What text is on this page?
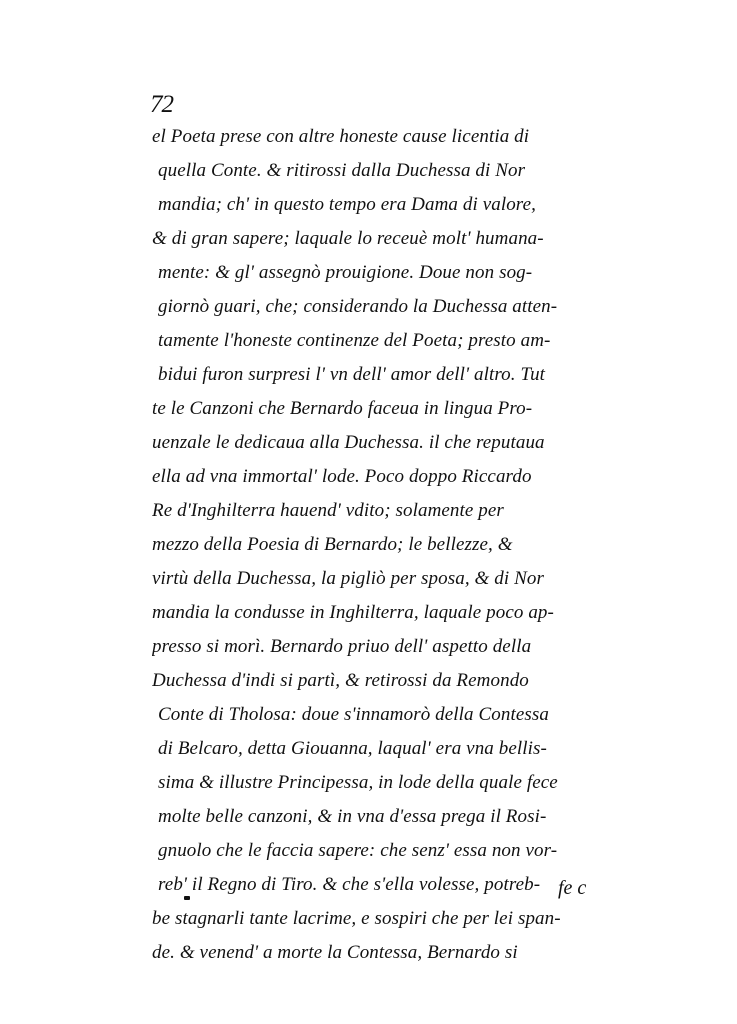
72
el Poeta prese con altre honeste cause licentia di
quella Conte. & ritirossi dalla Duchessa di Nor
mandia; ch' in questo tempo era Dama di valore,
& di gran sapere; laquale lo receuè molt' humana-
mente: & gl' assegnò prouigione. Doue non sog-
giornò guari, che; considerando la Duchessa atten-
tamente l'honeste continenze del Poeta; presto am-
bidui furon surpresi l' vn dell' amor dell' altro. Tut
te le Canzoni che Bernardo faceua in lingua Pro-
uenzale le dedicaua alla Duchessa. il che reputaua
ella ad vna immortal' lode. Poco doppo Riccardo
Re d'Inghilterra hauend' vdito; solamente per
mezzo della Poesia di Bernardo; le bellezze, &
virtù della Duchessa, la pigliò per sposa, & di Nor
mandia la condusse in Inghilterra, laquale poco ap-
presso si morì. Bernardo priuo dell' aspetto della
Duchessa d'indi si partì, & retirossi da Remondo
Conte di Tholosa: doue s'innamorò della Contessa
di Belcaro, detta Giouanna, laqual' era vna bellis-
sima & illustre Principessa, in lode della quale fece
molte belle canzoni, & in vna d'essa prega il Rosi-
gnuolo che le faccia sapere: che senz' essa non vor-
reb' il Regno di Tiro. & che s'ella volesse, potreb-
be stagnarli tante lacrime, e sospiri che per lei span-
de. & venend' a morte la Contessa, Bernardo si
fe c
